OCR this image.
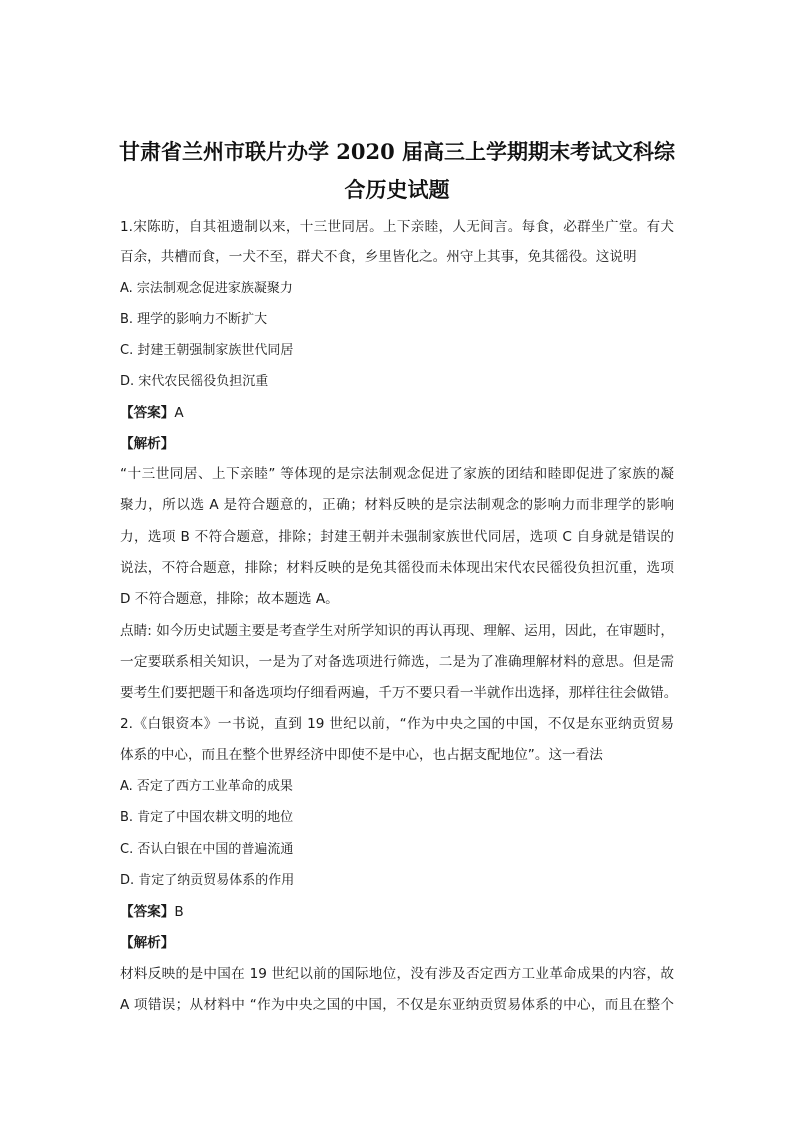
甘肃省兰州市联片办学 2020 届高三上学期期末考试文科综
合历史试题
1.宋陈昉，自其祖遗制以来，十三世同居。上下亲睦，人无间言。每食，必群坐广堂。有犬
百余，共槽而食，一犬不至，群犬不食，乡里皆化之。州守上其事，免其徭役。这说明
A. 宗法制观念促进家族凝聚力
B. 理学的影响力不断扩大
C. 封建王朝强制家族世代同居
D. 宋代农民徭役负担沉重
【答案】A
【解析】
“十三世同居、上下亲睦” 等体现的是宗法制观念促进了家族的团结和睦即促进了家族的凝
聚力，所以选 A 是符合题意的，正确；材料反映的是宗法制观念的影响力而非理学的影响
力，选项 B 不符合题意，排除；封建王朝并未强制家族世代同居，选项 C 自身就是错误的
说法，不符合题意，排除；材料反映的是免其徭役而未体现出宋代农民徭役负担沉重，选项
D 不符合题意，排除；故本题选 A。
点睛: 如今历史试题主要是考查学生对所学知识的再认再现、理解、运用，因此，在审题时，
一定要联系相关知识，一是为了对备选项进行筛选，二是为了准确理解材料的意思。但是需
要考生们要把题干和备选项均仔细看两遍，千万不要只看一半就作出选择，那样往往会做错。
2.《白银资本》一书说，直到 19 世纪以前，“作为中央之国的中国，不仅是东亚纳贡贸易
体系的中心，而且在整个世界经济中即使不是中心，也占据支配地位”。这一看法
A. 否定了西方工业革命的成果
B. 肯定了中国农耕文明的地位
C. 否认白银在中国的普遍流通
D. 肯定了纳贡贸易体系的作用
【答案】B
【解析】
材料反映的是中国在 19 世纪以前的国际地位，没有涉及否定西方工业革命成果的内容，故
A 项错误；从材料中 “作为中央之国的中国，不仅是东亚纳贡贸易体系的中心，而且在整个
